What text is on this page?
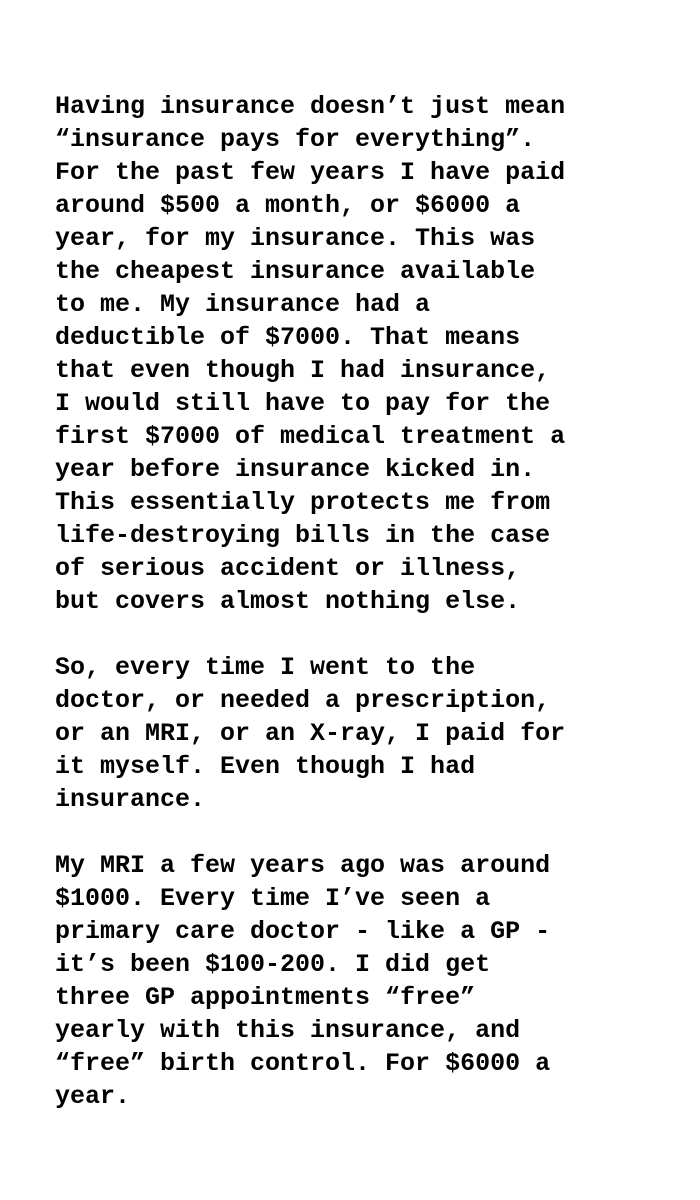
Having insurance doesn’t just mean
“insurance pays for everything”.
For the past few years I have paid
around $500 a month, or $6000 a
year, for my insurance. This was
the cheapest insurance available
to me. My insurance had a
deductible of $7000. That means
that even though I had insurance,
I would still have to pay for the
first $7000 of medical treatment a
year before insurance kicked in.
This essentially protects me from
life-destroying bills in the case
of serious accident or illness,
but covers almost nothing else.

So, every time I went to the
doctor, or needed a prescription,
or an MRI, or an X-ray, I paid for
it myself. Even though I had
insurance.

My MRI a few years ago was around
$1000. Every time I’ve seen a
primary care doctor - like a GP -
it’s been $100-200. I did get
three GP appointments “free”
yearly with this insurance, and
“free” birth control. For $6000 a
year.
